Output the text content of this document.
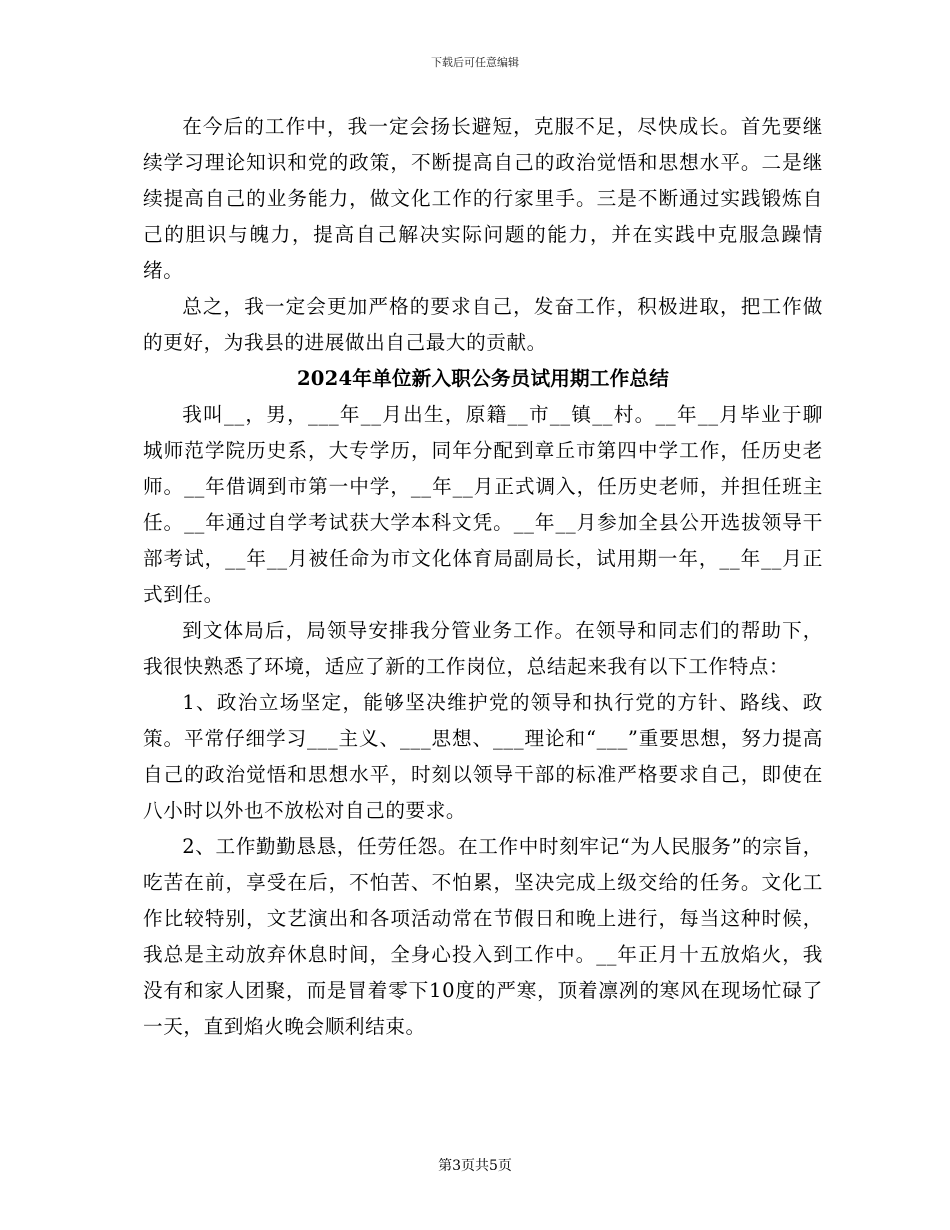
下载后可任意编辑

在今后的工作中，我一定会扬长避短，克服不足，尽快成长。首先要继续学习理论知识和党的政策，不断提高自己的政治觉悟和思想水平。二是继续提高自己的业务能力，做文化工作的行家里手。三是不断通过实践锻炼自己的胆识与魄力，提高自己解决实际问题的能力，并在实践中克服急躁情绪。

总之，我一定会更加严格的要求自己，发奋工作，积极进取，把工作做的更好，为我县的进展做出自己最大的贡献。

2024年单位新入职公务员试用期工作总结

我叫__，男，___年__月出生，原籍__市__镇__村。__年__月毕业于聊城师范学院历史系，大专学历，同年分配到章丘市第四中学工作，任历史老师。__年借调到市第一中学，__年__月正式调入，任历史老师，并担任班主任。__年通过自学考试获大学本科文凭。__年__月参加全县公开选拔领导干部考试，__年__月被任命为市文化体育局副局长，试用期一年，__年__月正式到任。

到文体局后，局领导安排我分管业务工作。在领导和同志们的帮助下，我很快熟悉了环境，适应了新的工作岗位，总结起来我有以下工作特点：

1、政治立场坚定，能够坚决维护党的领导和执行党的方针、路线、政策。平常仔细学习___主义、___思想、___理论和“___”重要思想，努力提高自己的政治觉悟和思想水平，时刻以领导干部的标准严格要求自己，即使在八小时以外也不放松对自己的要求。

2、工作勤勤恳恳，任劳任怨。在工作中时刻牢记“为人民服务”的宗旨，吃苦在前，享受在后，不怕苦、不怕累，坚决完成上级交给的任务。文化工作比较特别，文艺演出和各项活动常在节假日和晚上进行，每当这种时候，我总是主动放弃休息时间，全身心投入到工作中。__年正月十五放焰火，我没有和家人团聚，而是冒着零下10度的严寒，顶着凛冽的寒风在现场忙碌了一天，直到焰火晚会顺利结束。

第3页共5页
